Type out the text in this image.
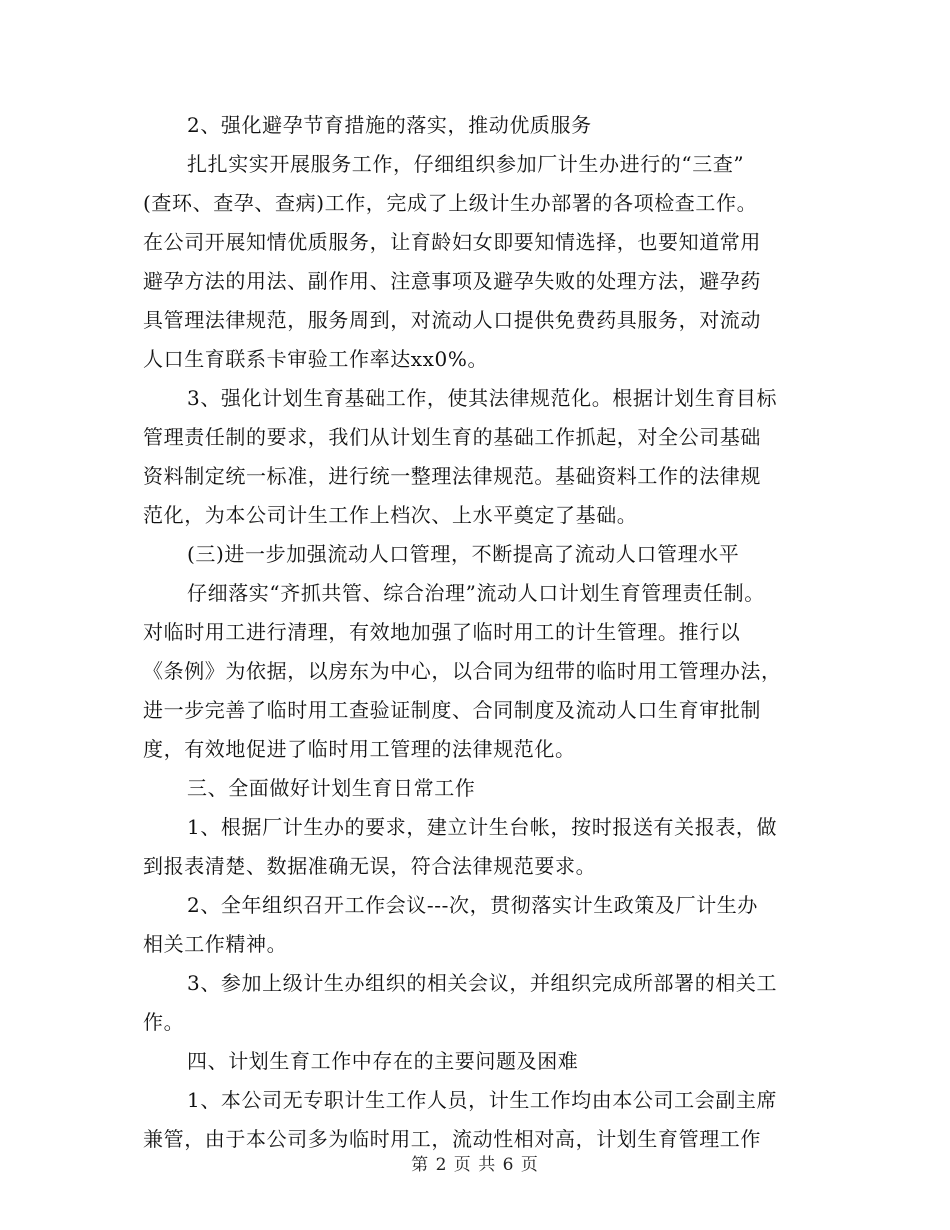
2、强化避孕节育措施的落实，推动优质服务
扎扎实实开展服务工作，仔细组织参加厂计生办进行的“三查”
(查环、查孕、查病)工作，完成了上级计生办部署的各项检查工作。
在公司开展知情优质服务，让育龄妇女即要知情选择，也要知道常用
避孕方法的用法、副作用、注意事项及避孕失败的处理方法，避孕药
具管理法律规范，服务周到，对流动人口提供免费药具服务，对流动
人口生育联系卡审验工作率达xx0%。
3、强化计划生育基础工作，使其法律规范化。根据计划生育目标
管理责任制的要求，我们从计划生育的基础工作抓起，对全公司基础
资料制定统一标准，进行统一整理法律规范。基础资料工作的法律规
范化，为本公司计生工作上档次、上水平奠定了基础。
(三)进一步加强流动人口管理，不断提高了流动人口管理水平
仔细落实“齐抓共管、综合治理”流动人口计划生育管理责任制。
对临时用工进行清理，有效地加强了临时用工的计生管理。推行以
《条例》为依据，以房东为中心，以合同为纽带的临时用工管理办法，
进一步完善了临时用工查验证制度、合同制度及流动人口生育审批制
度，有效地促进了临时用工管理的法律规范化。
三、全面做好计划生育日常工作
1、根据厂计生办的要求，建立计生台帐，按时报送有关报表，做
到报表清楚、数据准确无误，符合法律规范要求。
2、全年组织召开工作会议---次，贯彻落实计生政策及厂计生办
相关工作精神。
3、参加上级计生办组织的相关会议，并组织完成所部署的相关工
作。
四、计划生育工作中存在的主要问题及困难
1、本公司无专职计生工作人员，计生工作均由本公司工会副主席
兼管，由于本公司多为临时用工，流动性相对高，计划生育管理工作
第 2 页 共 6 页
